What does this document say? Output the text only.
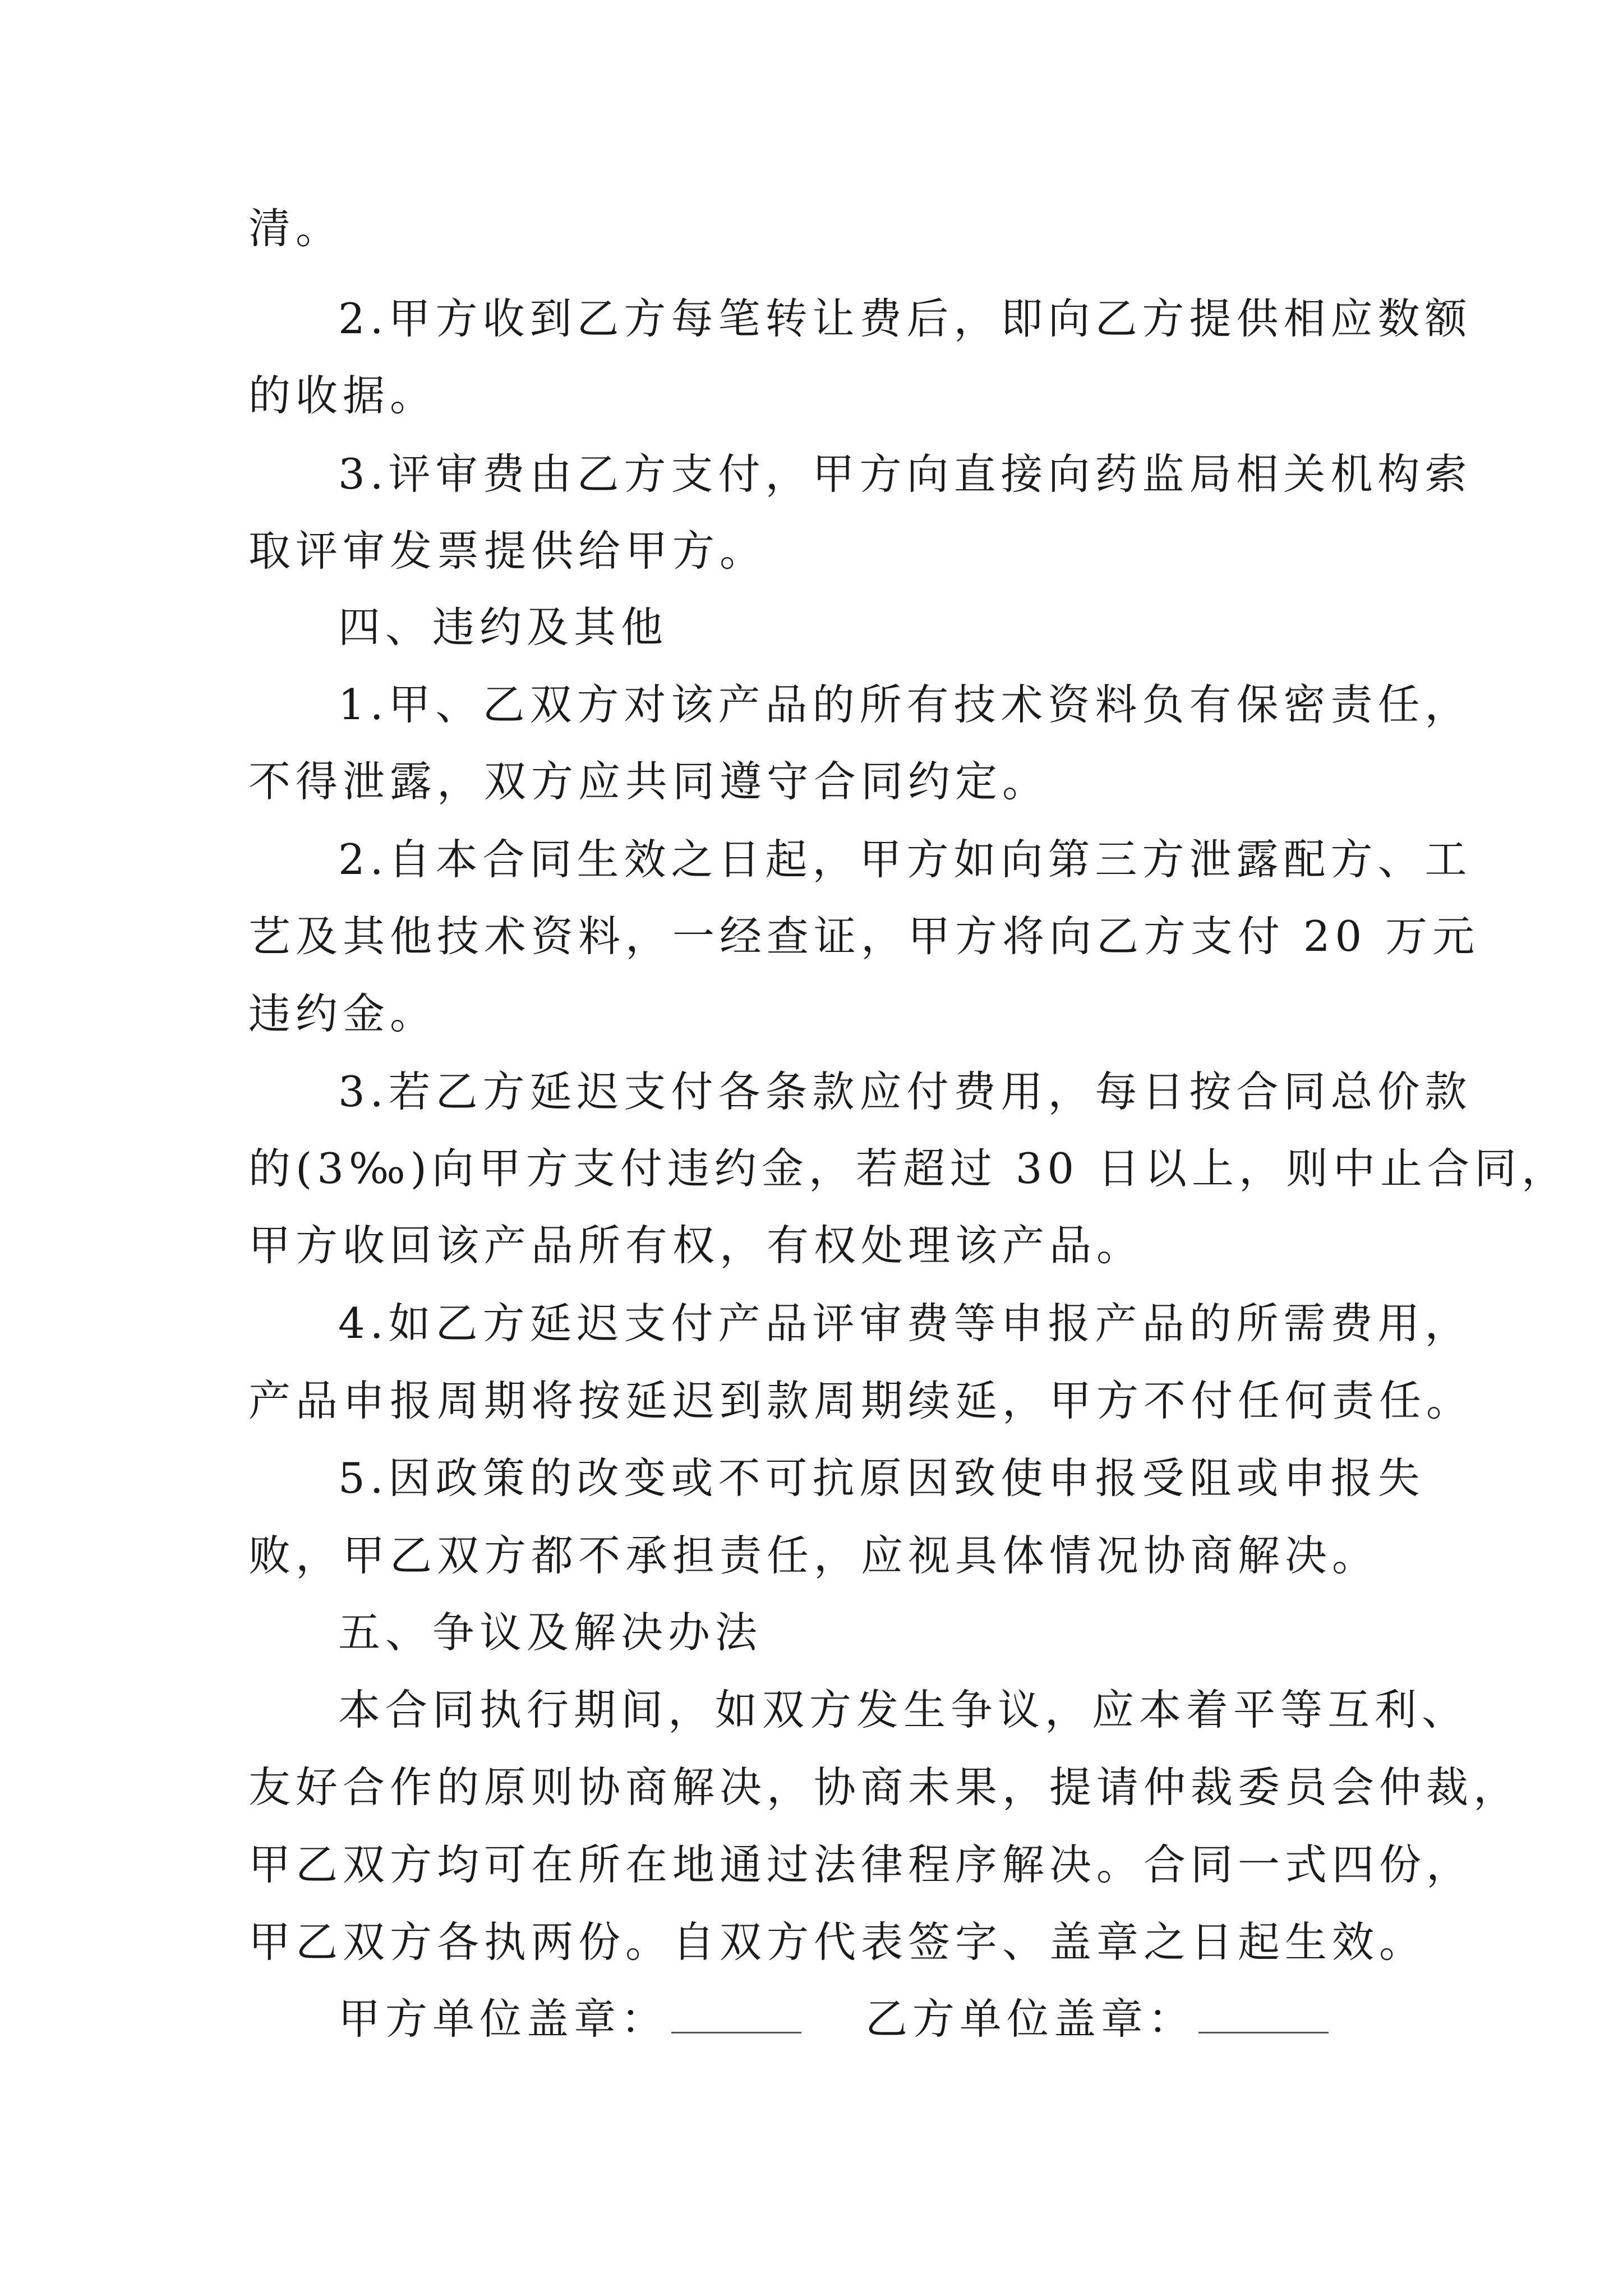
清。
2.甲方收到乙方每笔转让费后，即向乙方提供相应数额
的收据。
3.评审费由乙方支付，甲方向直接向药监局相关机构索
取评审发票提供给甲方。
四、违约及其他
1.甲、乙双方对该产品的所有技术资料负有保密责任，
不得泄露，双方应共同遵守合同约定。
2.自本合同生效之日起，甲方如向第三方泄露配方、工
艺及其他技术资料，一经查证，甲方将向乙方支付 20 万元
违约金。
3.若乙方延迟支付各条款应付费用，每日按合同总价款
的(3‰)向甲方支付违约金，若超过 30 日以上，则中止合同，
甲方收回该产品所有权，有权处理该产品。
4.如乙方延迟支付产品评审费等申报产品的所需费用，
产品申报周期将按延迟到款周期续延，甲方不付任何责任。
5.因政策的改变或不可抗原因致使申报受阻或申报失
败，甲乙双方都不承担责任，应视具体情况协商解决。
五、争议及解决办法
本合同执行期间，如双方发生争议，应本着平等互利、
友好合作的原则协商解决，协商未果，提请仲裁委员会仲裁，
甲乙双方均可在所在地通过法律程序解决。合同一式四份，
甲乙双方各执两份。自双方代表签字、盖章之日起生效。
甲方单位盖章：	乙方单位盖章：
